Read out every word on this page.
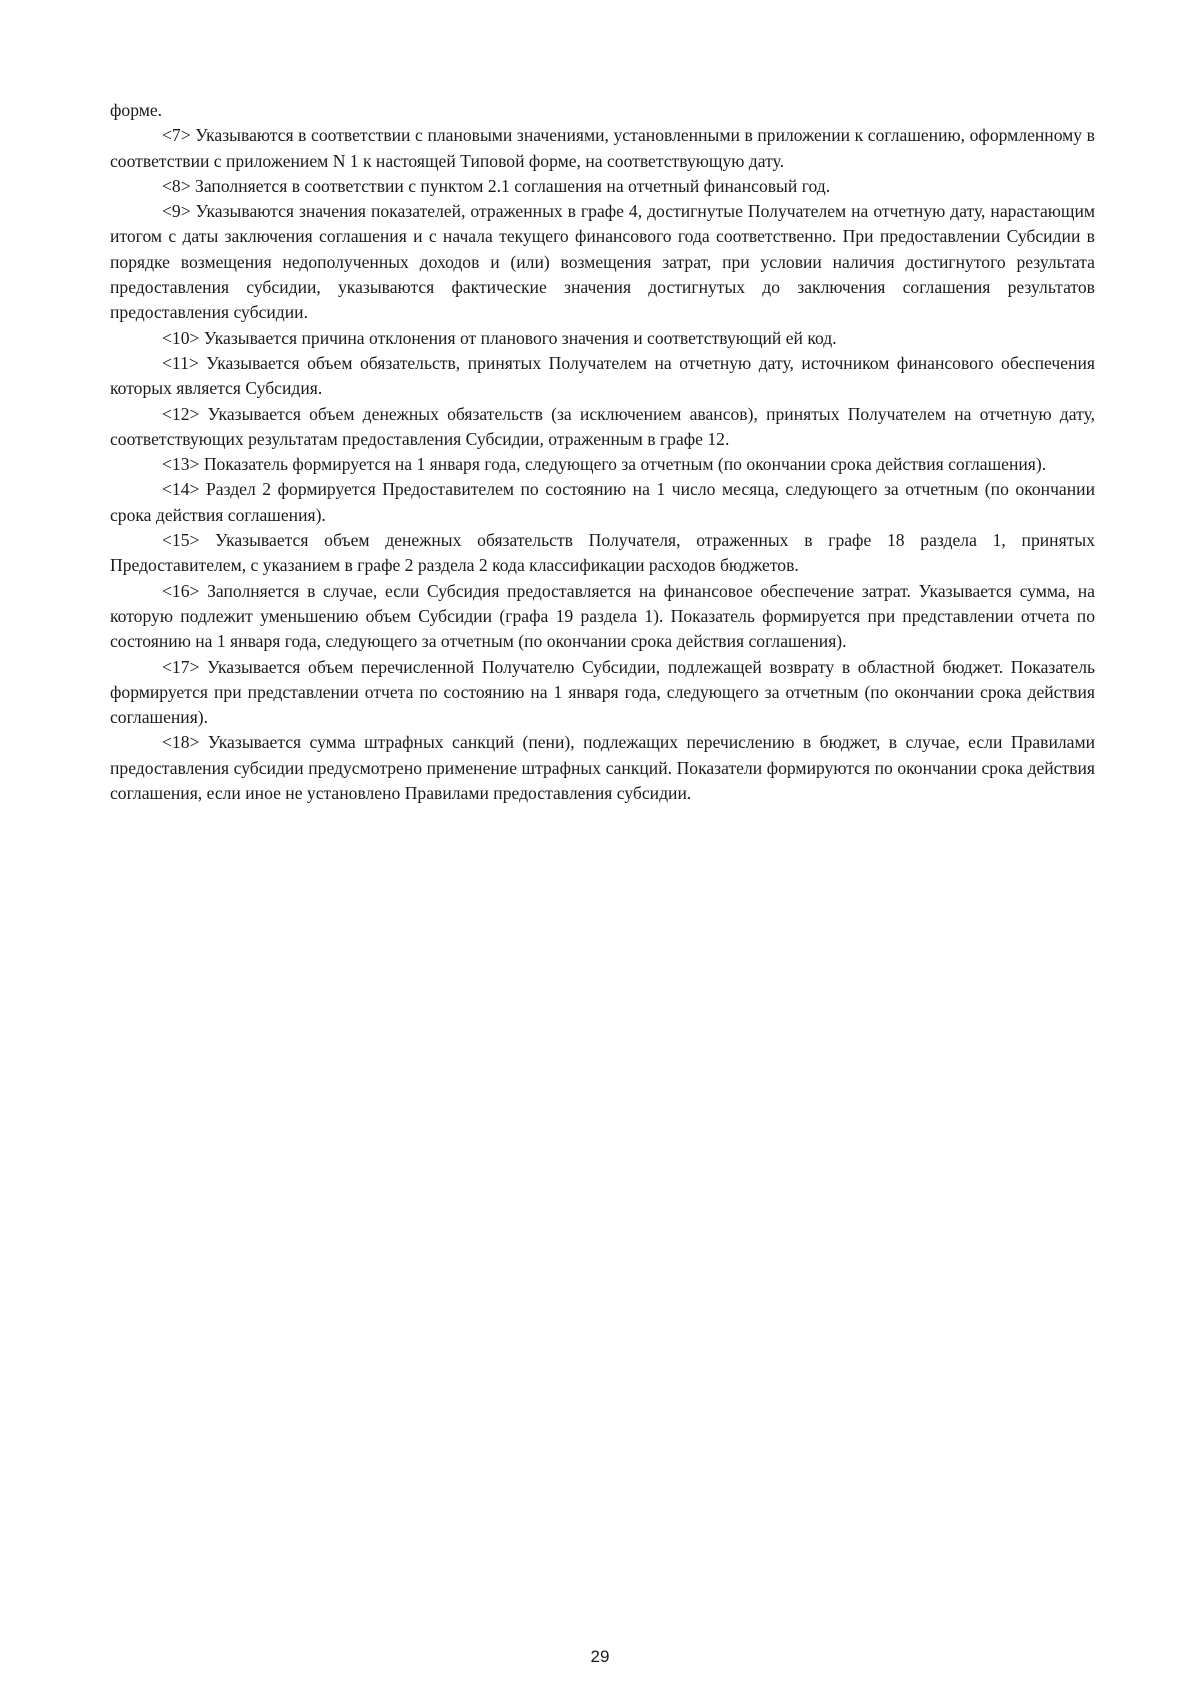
форме.

<7> Указываются в соответствии с плановыми значениями, установленными в приложении к соглашению, оформленному в соответствии с приложением N 1 к настоящей Типовой форме, на соответствующую дату.

<8> Заполняется в соответствии с пунктом 2.1 соглашения на отчетный финансовый год.

<9> Указываются значения показателей, отраженных в графе 4, достигнутые Получателем на отчетную дату, нарастающим итогом с даты заключения соглашения и с начала текущего финансового года соответственно. При предоставлении Субсидии в порядке возмещения недополученных доходов и (или) возмещения затрат, при условии наличия достигнутого результата предоставления субсидии, указываются фактические значения достигнутых до заключения соглашения результатов предоставления субсидии.

<10> Указывается причина отклонения от планового значения и соответствующий ей код.

<11> Указывается объем обязательств, принятых Получателем на отчетную дату, источником финансового обеспечения которых является Субсидия.

<12> Указывается объем денежных обязательств (за исключением авансов), принятых Получателем на отчетную дату, соответствующих результатам предоставления Субсидии, отраженным в графе 12.

<13> Показатель формируется на 1 января года, следующего за отчетным (по окончании срока действия соглашения).

<14> Раздел 2 формируется Предоставителем по состоянию на 1 число месяца, следующего за отчетным (по окончании срока действия соглашения).

<15> Указывается объем денежных обязательств Получателя, отраженных в графе 18 раздела 1, принятых Предоставителем, с указанием в графе 2 раздела 2 кода классификации расходов бюджетов.

<16> Заполняется в случае, если Субсидия предоставляется на финансовое обеспечение затрат. Указывается сумма, на которую подлежит уменьшению объем Субсидии (графа 19 раздела 1). Показатель формируется при представлении отчета по состоянию на 1 января года, следующего за отчетным (по окончании срока действия соглашения).

<17> Указывается объем перечисленной Получателю Субсидии, подлежащей возврату в областной бюджет. Показатель формируется при представлении отчета по состоянию на 1 января года, следующего за отчетным (по окончании срока действия соглашения).

<18> Указывается сумма штрафных санкций (пени), подлежащих перечислению в бюджет, в случае, если Правилами предоставления субсидии предусмотрено применение штрафных санкций. Показатели формируются по окончании срока действия соглашения, если иное не установлено Правилами предоставления субсидии.

29
